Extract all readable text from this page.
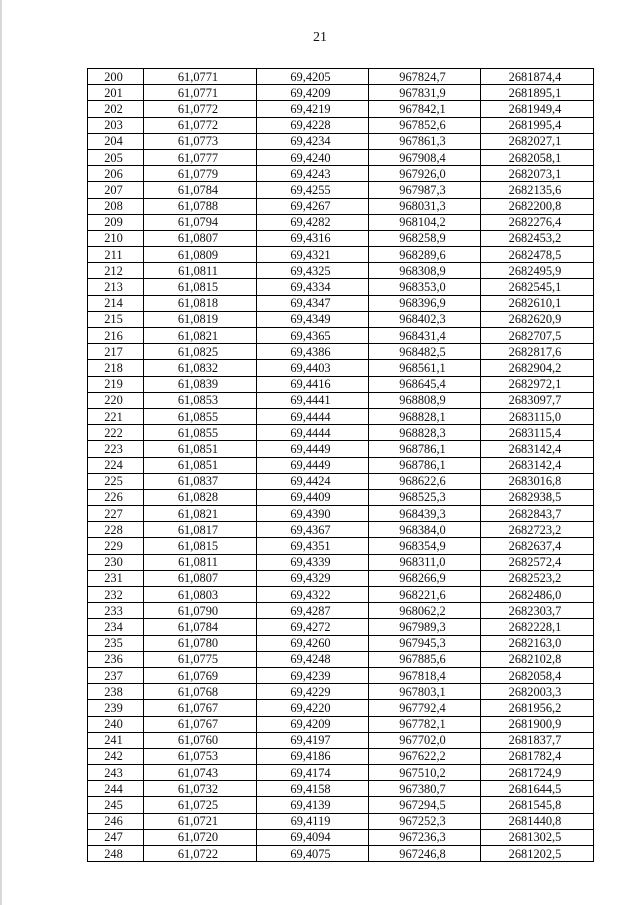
21
200	61,0771	69,4205	967824,7	2681874,4
201	61,0771	69,4209	967831,9	2681895,1
202	61,0772	69,4219	967842,1	2681949,4
203	61,0772	69,4228	967852,6	2681995,4
204	61,0773	69,4234	967861,3	2682027,1
205	61,0777	69,4240	967908,4	2682058,1
206	61,0779	69,4243	967926,0	2682073,1
207	61,0784	69,4255	967987,3	2682135,6
208	61,0788	69,4267	968031,3	2682200,8
209	61,0794	69,4282	968104,2	2682276,4
210	61,0807	69,4316	968258,9	2682453,2
211	61,0809	69,4321	968289,6	2682478,5
212	61,0811	69,4325	968308,9	2682495,9
213	61,0815	69,4334	968353,0	2682545,1
214	61,0818	69,4347	968396,9	2682610,1
215	61,0819	69,4349	968402,3	2682620,9
216	61,0821	69,4365	968431,4	2682707,5
217	61,0825	69,4386	968482,5	2682817,6
218	61,0832	69,4403	968561,1	2682904,2
219	61,0839	69,4416	968645,4	2682972,1
220	61,0853	69,4441	968808,9	2683097,7
221	61,0855	69,4444	968828,1	2683115,0
222	61,0855	69,4444	968828,3	2683115,4
223	61,0851	69,4449	968786,1	2683142,4
224	61,0851	69,4449	968786,1	2683142,4
225	61,0837	69,4424	968622,6	2683016,8
226	61,0828	69,4409	968525,3	2682938,5
227	61,0821	69,4390	968439,3	2682843,7
228	61,0817	69,4367	968384,0	2682723,2
229	61,0815	69,4351	968354,9	2682637,4
230	61,0811	69,4339	968311,0	2682572,4
231	61,0807	69,4329	968266,9	2682523,2
232	61,0803	69,4322	968221,6	2682486,0
233	61,0790	69,4287	968062,2	2682303,7
234	61,0784	69,4272	967989,3	2682228,1
235	61,0780	69,4260	967945,3	2682163,0
236	61,0775	69,4248	967885,6	2682102,8
237	61,0769	69,4239	967818,4	2682058,4
238	61,0768	69,4229	967803,1	2682003,3
239	61,0767	69,4220	967792,4	2681956,2
240	61,0767	69,4209	967782,1	2681900,9
241	61,0760	69,4197	967702,0	2681837,7
242	61,0753	69,4186	967622,2	2681782,4
243	61,0743	69,4174	967510,2	2681724,9
244	61,0732	69,4158	967380,7	2681644,5
245	61,0725	69,4139	967294,5	2681545,8
246	61,0721	69,4119	967252,3	2681440,8
247	61,0720	69,4094	967236,3	2681302,5
248	61,0722	69,4075	967246,8	2681202,5
